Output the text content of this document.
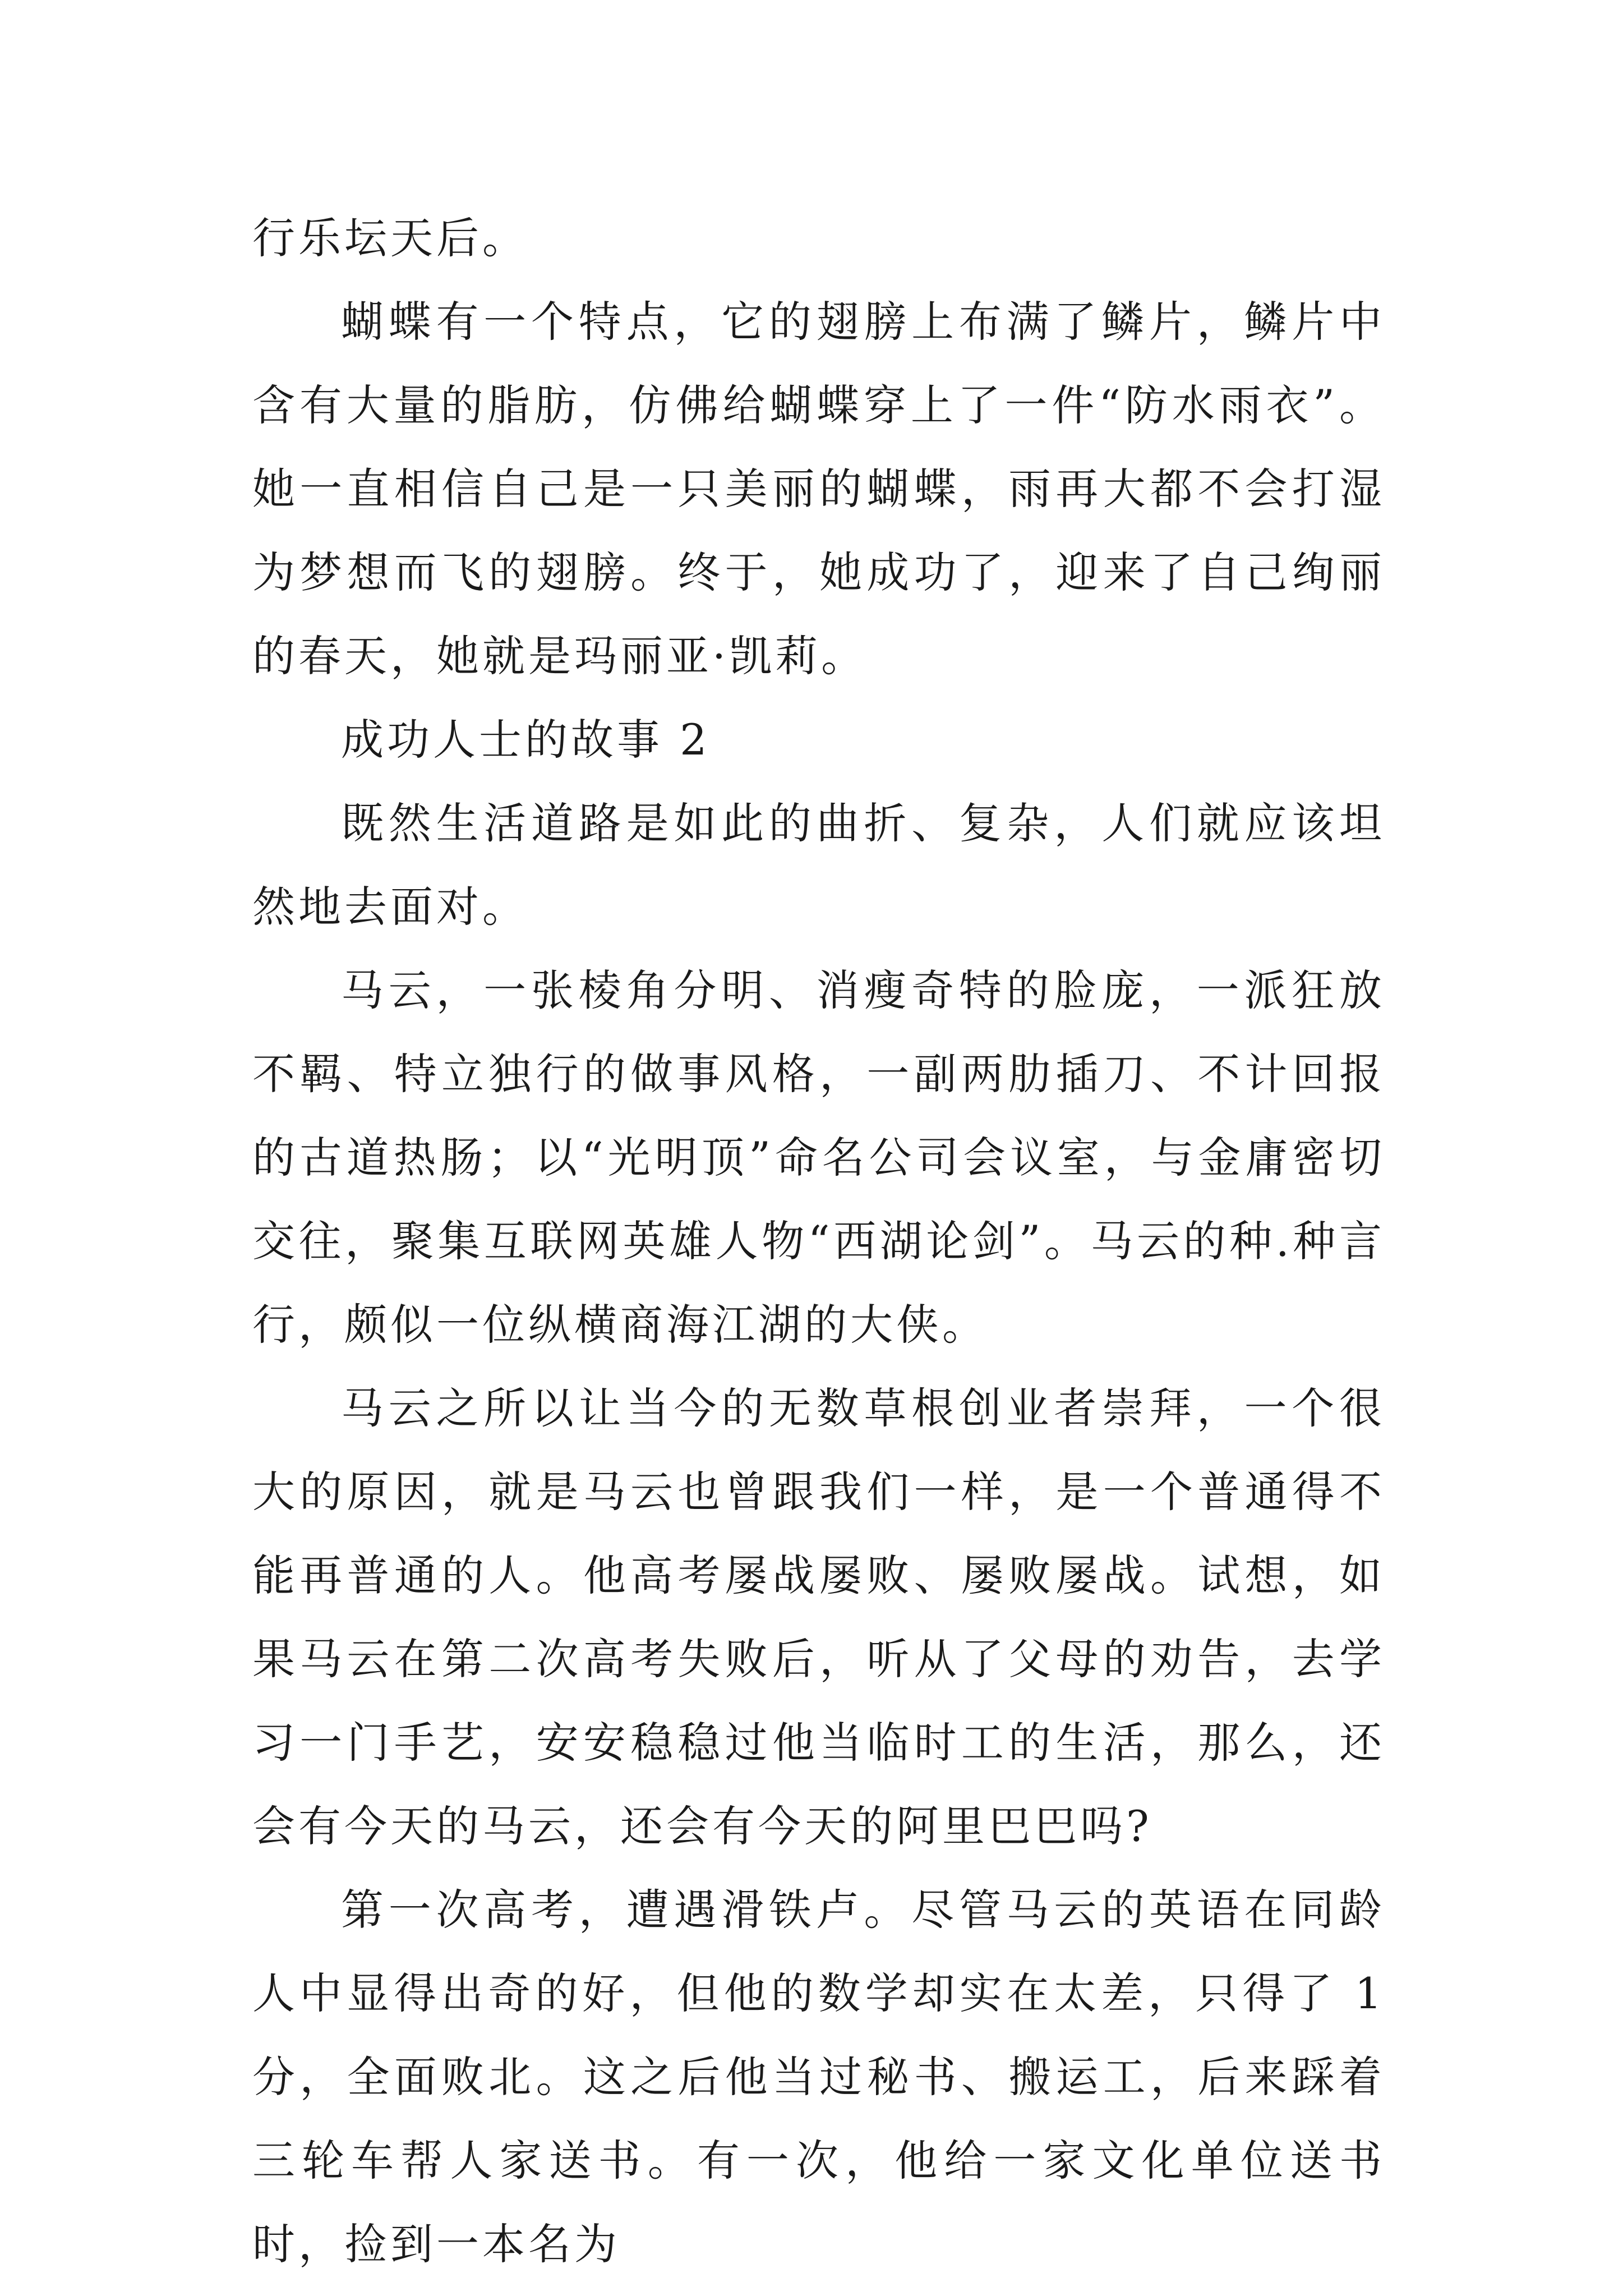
行乐坛天后。

蝴蝶有一个特点，它的翅膀上布满了鳞片，鳞片中含有大量的脂肪，仿佛给蝴蝶穿上了一件“防水雨衣”。她一直相信自己是一只美丽的蝴蝶，雨再大都不会打湿为梦想而飞的翅膀。终于，她成功了，迎来了自己绚丽的春天，她就是玛丽亚·凯莉。

成功人士的故事 2

既然生活道路是如此的曲折、复杂，人们就应该坦然地去面对。

马云，一张棱角分明、消瘦奇特的脸庞，一派狂放不羁、特立独行的做事风格，一副两肋插刀、不计回报的古道热肠；以“光明顶”命名公司会议室，与金庸密切交往，聚集互联网英雄人物“西湖论剑”。马云的种.种言行，颇似一位纵横商海江湖的大侠。

马云之所以让当今的无数草根创业者崇拜，一个很大的原因，就是马云也曾跟我们一样，是一个普通得不能再普通的人。他高考屡战屡败、屡败屡战。试想，如果马云在第二次高考失败后，听从了父母的劝告，去学习一门手艺，安安稳稳过他当临时工的生活，那么，还会有今天的马云，还会有今天的阿里巴巴吗?

第一次高考，遭遇滑铁卢。尽管马云的英语在同龄人中显得出奇的好，但他的数学却实在太差，只得了 1 分，全面败北。这之后他当过秘书、搬运工，后来踩着三轮车帮人家送书。有一次，他给一家文化单位送书时，捡到一本名为
